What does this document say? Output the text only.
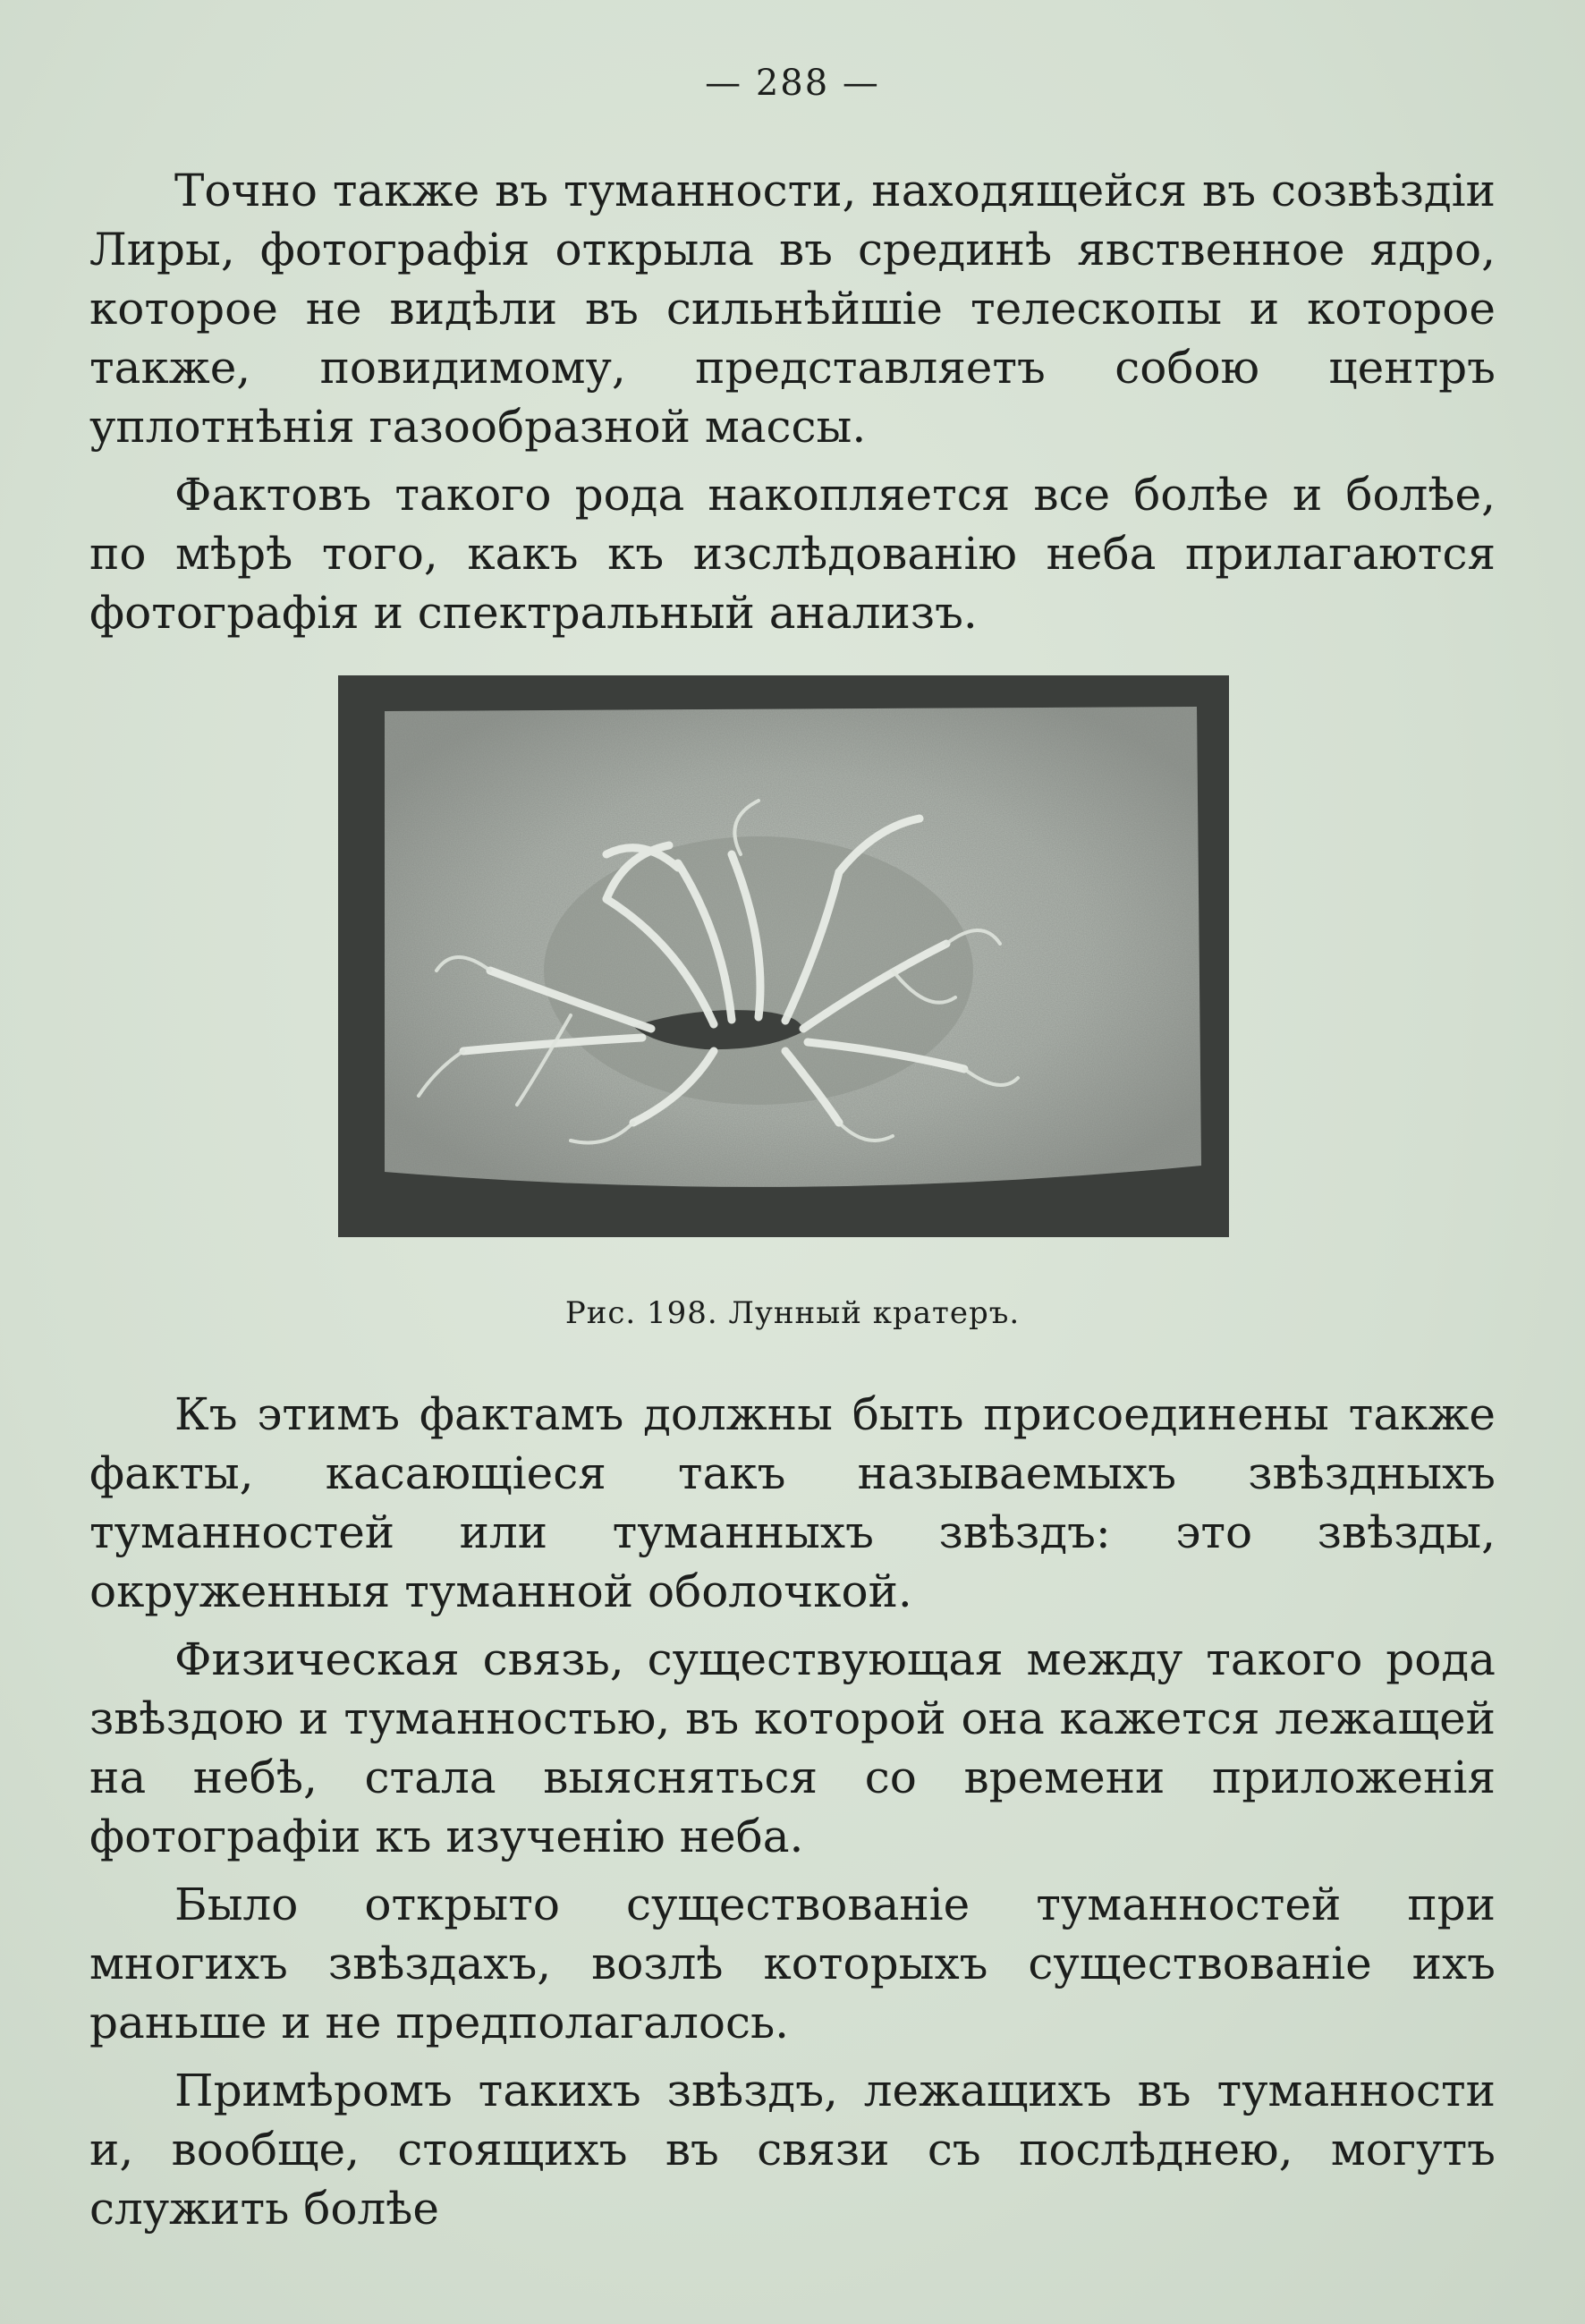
— 288 —

Точно также въ туманности, находящейся въ созвѣздіи Лиры, фотографія открыла въ срединѣ явственное ядро, которое не видѣли въ сильнѣйшіе телескопы и которое также, повидимому, представляетъ собою центръ уплотнѣнія газообразной массы.

Фактовъ такого рода накопляется все болѣе и болѣе, по мѣрѣ того, какъ къ изслѣдованію неба прилагаются фотографія и спектральный анализъ.

Рис. 198. Лунный кратеръ.

Къ этимъ фактамъ должны быть присоединены также факты, касающіеся такъ называемыхъ звѣздныхъ туманностей или туманныхъ звѣздъ: это звѣзды, окруженныя туманной оболочкой.

Физическая связь, существующая между такого рода звѣздою и туманностью, въ которой она кажется лежащей на небѣ, стала выясняться со времени приложенія фотографіи къ изученію неба.

Было открыто существованіе туманностей при многихъ звѣздахъ, возлѣ которыхъ существованіе ихъ раньше и не предполагалось.

Примѣромъ такихъ звѣздъ, лежащихъ въ туманности и, вообще, стоящихъ въ связи съ послѣднею, могутъ служить болѣе
